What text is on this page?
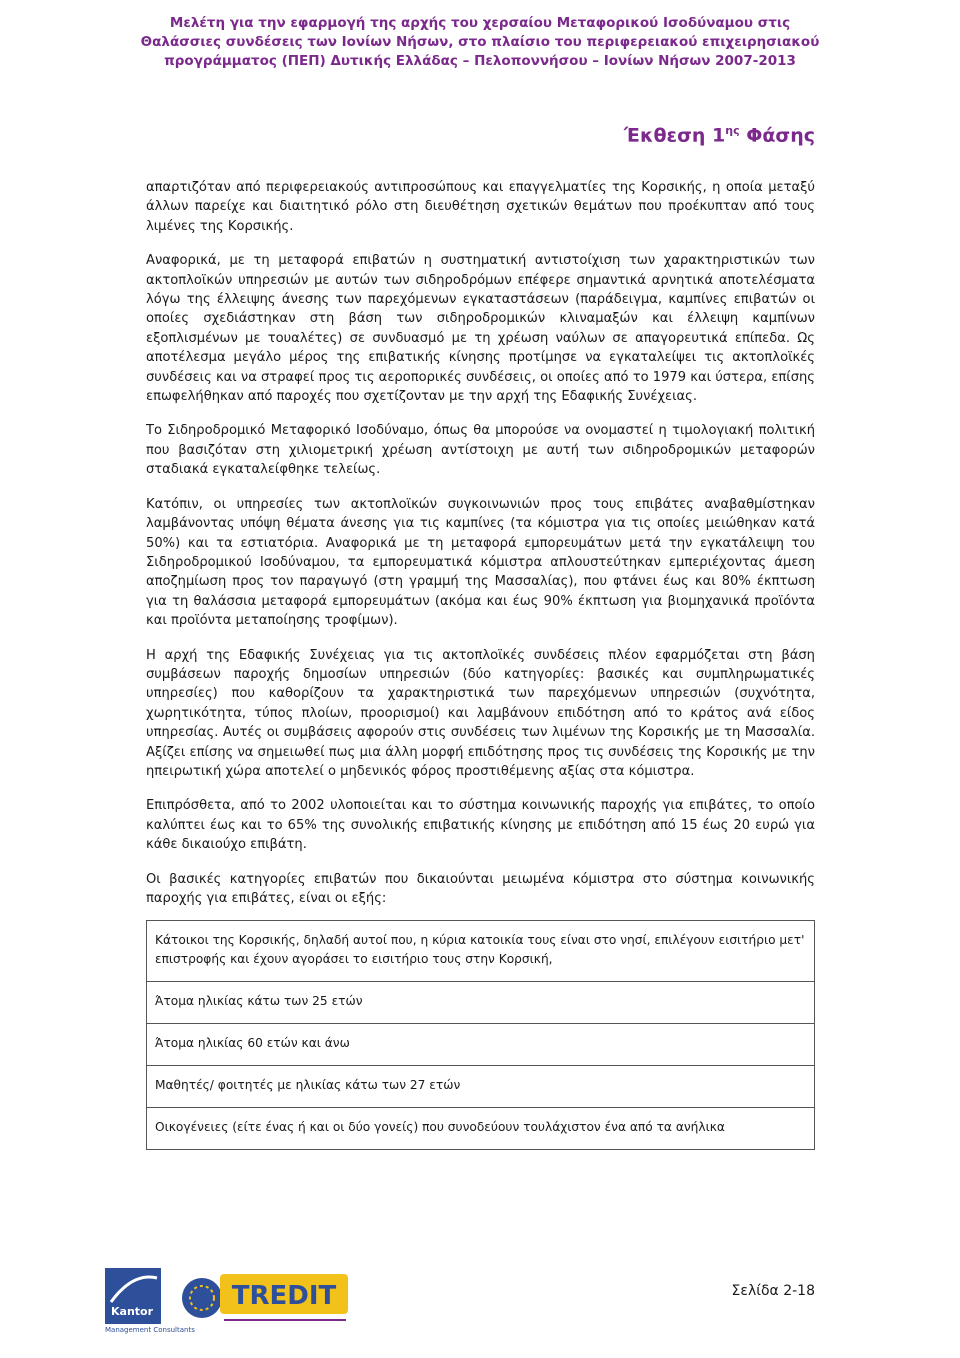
Μελέτη για την εφαρμογή της αρχής του χερσαίου Μεταφορικού Ισοδύναμου στις
Θαλάσσιες συνδέσεις των Ιονίων Νήσων, στο πλαίσιο του περιφερειακού επιχειρησιακού
προγράμματος (ΠΕΠ) Δυτικής Ελλάδας – Πελοποννήσου – Ιονίων Νήσων 2007-2013
Έκθεση $1^{\eta\varsigma}$ Φάσης

απαρτιζόταν από περιφερειακούς αντιπροσώπους και επαγγελματίες της Κορσικής, η οποία μεταξύ άλλων παρείχε και διαιτητικό ρόλο στη διευθέτηση σχετικών θεμάτων που προέκυπταν από τους λιμένες της Κορσικής.

Αναφορικά, με τη μεταφορά επιβατών η συστηματική αντιστοίχιση των χαρακτηριστικών των ακτοπλοϊκών υπηρεσιών με αυτών των σιδηροδρόμων επέφερε σημαντικά αρνητικά αποτελέσματα λόγω της έλλειψης άνεσης των παρεχόμενων εγκαταστάσεων (παράδειγμα, καμπίνες επιβατών οι οποίες σχεδιάστηκαν στη βάση των σιδηροδρομικών κλιναμαξών και έλλειψη καμπίνων εξοπλισμένων με τουαλέτες) σε συνδυασμό με τη χρέωση ναύλων σε απαγορευτικά επίπεδα. Ως αποτέλεσμα μεγάλο μέρος της επιβατικής κίνησης προτίμησε να εγκαταλείψει τις ακτοπλοϊκές συνδέσεις και να στραφεί προς τις αεροπορικές συνδέσεις, οι οποίες από το 1979 και ύστερα, επίσης επωφελήθηκαν από παροχές που σχετίζονταν με την αρχή της Εδαφικής Συνέχειας.

Το Σιδηροδρομικό Μεταφορικό Ισοδύναμο, όπως θα μπορούσε να ονομαστεί η τιμολογιακή πολιτική που βασιζόταν στη χιλιομετρική χρέωση αντίστοιχη με αυτή των σιδηροδρομικών μεταφορών σταδιακά εγκαταλείφθηκε τελείως.

Κατόπιν, οι υπηρεσίες των ακτοπλοϊκών συγκοινωνιών προς τους επιβάτες αναβαθμίστηκαν λαμβάνοντας υπόψη θέματα άνεσης για τις καμπίνες (τα κόμιστρα για τις οποίες μειώθηκαν κατά 50%) και τα εστιατόρια. Αναφορικά με τη μεταφορά εμπορευμάτων μετά την εγκατάλειψη του Σιδηροδρομικού Ισοδύναμου, τα εμπορευματικά κόμιστρα απλουστεύτηκαν εμπεριέχοντας άμεση αποζημίωση προς τον παραγωγό (στη γραμμή της Μασσαλίας), που φτάνει έως και 80% έκπτωση για τη θαλάσσια μεταφορά εμπορευμάτων (ακόμα και έως 90% έκπτωση για βιομηχανικά προϊόντα και προϊόντα μεταποίησης τροφίμων).

Η αρχή της Εδαφικής Συνέχειας για τις ακτοπλοϊκές συνδέσεις πλέον εφαρμόζεται στη βάση συμβάσεων παροχής δημοσίων υπηρεσιών (δύο κατηγορίες: βασικές και συμπληρωματικές υπηρεσίες) που καθορίζουν τα χαρακτηριστικά των παρεχόμενων υπηρεσιών (συχνότητα, χωρητικότητα, τύπος πλοίων, προορισμοί) και λαμβάνουν επιδότηση από το κράτος ανά είδος υπηρεσίας. Αυτές οι συμβάσεις αφορούν στις συνδέσεις των λιμένων της Κορσικής με τη Μασσαλία. Αξίζει επίσης να σημειωθεί πως μια άλλη μορφή επιδότησης προς τις συνδέσεις της Κορσικής με την ηπειρωτική χώρα αποτελεί ο μηδενικός φόρος προστιθέμενης αξίας στα κόμιστρα.

Επιπρόσθετα, από το 2002 υλοποιείται και το σύστημα κοινωνικής παροχής για επιβάτες, το οποίο καλύπτει έως και το 65% της συνολικής επιβατικής κίνησης με επιδότηση από 15 έως 20 ευρώ για κάθε δικαιούχο επιβάτη.

Οι βασικές κατηγορίες επιβατών που δικαιούνται μειωμένα κόμιστρα στο σύστημα κοινωνικής παροχής για επιβάτες, είναι οι εξής:

Κάτοικοι της Κορσικής, δηλαδή αυτοί που, η κύρια κατοικία τους είναι στο νησί, επιλέγουν εισιτήριο μετ' επιστροφής και έχουν αγοράσει το εισιτήριο τους στην Κορσική,
Άτομα ηλικίας κάτω των 25 ετών
Άτομα ηλικίας 60 ετών και άνω
Μαθητές/ φοιτητές με ηλικίας κάτω των 27 ετών
Οικογένειες (είτε ένας ή και οι δύο γονείς) που συνοδεύουν τουλάχιστον ένα από τα ανήλικα
Kantor
Management Consultants
TREDIT	Σελίδα 2-18
